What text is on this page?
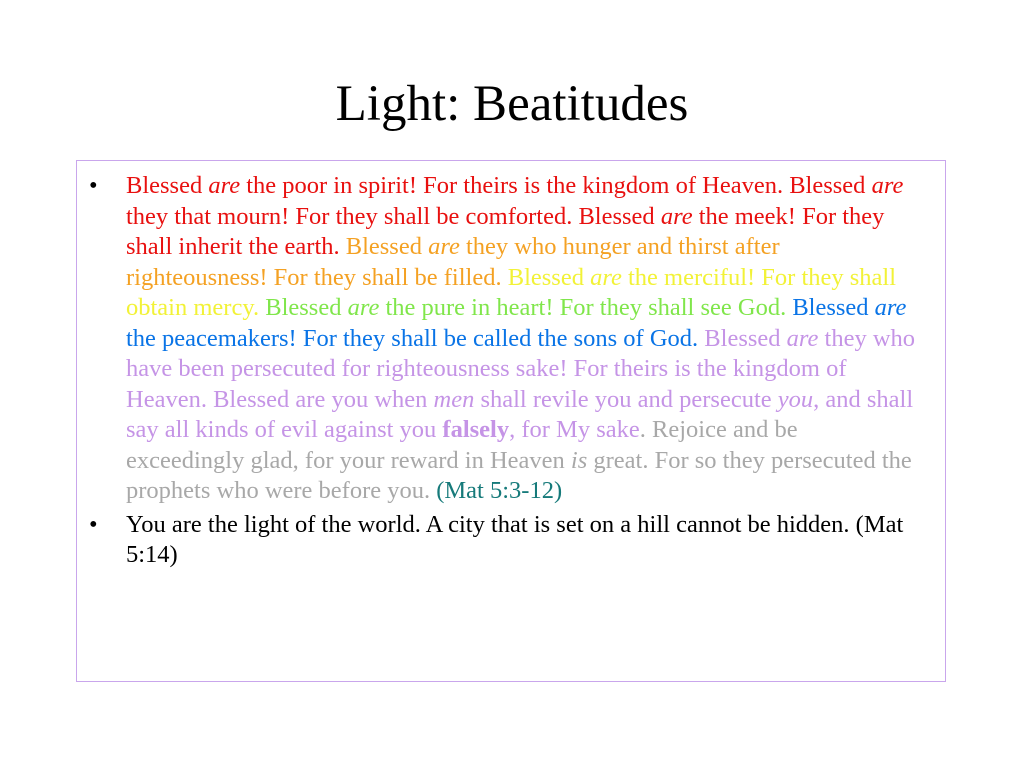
Light: Beatitudes
• Blessed are the poor in spirit! For theirs is the kingdom of Heaven. Blessed are they that mourn! For they shall be comforted. Blessed are the meek! For they shall inherit the earth. Blessed are they who hunger and thirst after righteousness! For they shall be filled. Blessed are the merciful! For they shall obtain mercy. Blessed are the pure in heart! For they shall see God. Blessed are the peacemakers! For they shall be called the sons of God. Blessed are they who have been persecuted for righteousness sake! For theirs is the kingdom of Heaven. Blessed are you when men shall revile you and persecute you, and shall say all kinds of evil against you falsely, for My sake. Rejoice and be exceedingly glad, for your reward in Heaven is great. For so they persecuted the prophets who were before you. (Mat 5:3-12)
• You are the light of the world. A city that is set on a hill cannot be hidden. (Mat 5:14)
